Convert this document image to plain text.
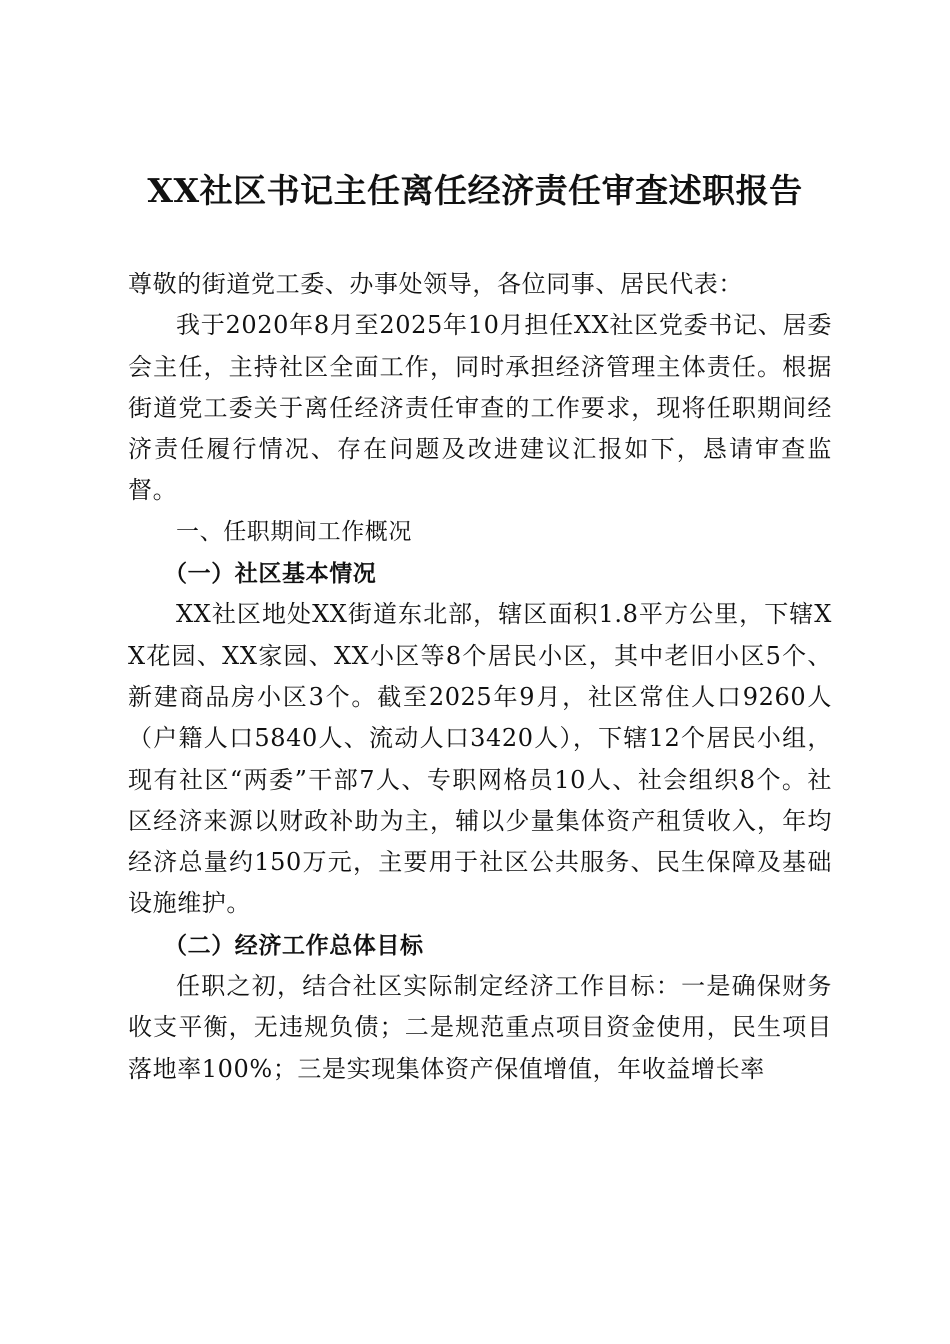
XX社区书记主任离任经济责任审查述职报告

尊敬的街道党工委、办事处领导，各位同事、居民代表：

我于2020年8月至2025年10月担任XX社区党委书记、居委会主任，主持社区全面工作，同时承担经济管理主体责任。根据街道党工委关于离任经济责任审查的工作要求，现将任职期间经济责任履行情况、存在问题及改进建议汇报如下，恳请审查监督。

一、任职期间工作概况

（一）社区基本情况

XX社区地处XX街道东北部，辖区面积1.8平方公里，下辖XX花园、XX家园、XX小区等8个居民小区，其中老旧小区5个、新建商品房小区3个。截至2025年9月，社区常住人口9260人（户籍人口5840人、流动人口3420人），下辖12个居民小组，现有社区“两委”干部7人、专职网格员10人、社会组织8个。社区经济来源以财政补助为主，辅以少量集体资产租赁收入，年均经济总量约150万元，主要用于社区公共服务、民生保障及基础设施维护。

（二）经济工作总体目标

任职之初，结合社区实际制定经济工作目标：一是确保财务收支平衡，无违规负债；二是规范重点项目资金使用，民生项目落地率100%；三是实现集体资产保值增值，年收益增长率
